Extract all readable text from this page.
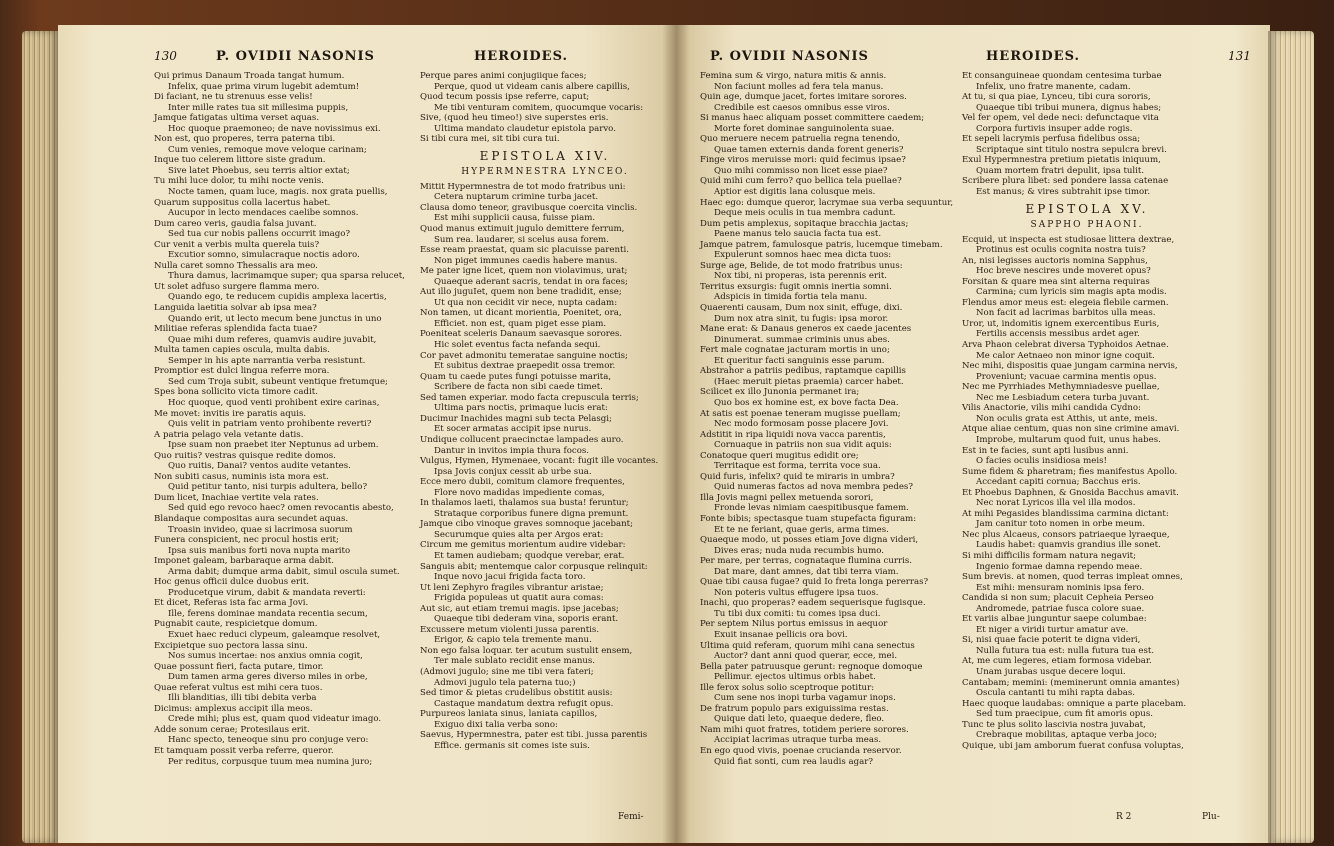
130	P. OVIDII NASONIS	HEROIDES.
Qui primus Danaum Troada tangat humum.
Infelix, quae prima virum lugebit ademtum!
Di faciant, ne tu strenuus esse velis!
Inter mille rates tua sit millesima puppis,
Jamque fatigatas ultima verset aquas.
Hoc quoque praemoneo; de nave novissimus exi.
Non est, quo properes, terra paterna tibi.
Cum venies, remoque move veloque carinam;
Inque tuo celerem littore siste gradum.
Sive latet Phoebus, seu terris altior extat;
Tu mihi luce dolor, tu mihi nocte venis.
Nocte tamen, quam luce, magis. nox grata puellis,
Quarum suppositus colla lacertus habet.
Aucupor in lecto mendaces caelibe somnos.
Dum careo veris, gaudia falsa juvant.
Sed tua cur nobis pallens occurrit imago?
Cur venit a verbis multa querela tuis?
Excutior somno, simulacraque noctis adoro.
Nulla caret somno Thessalis ara meo.
Thura damus, lacrimamque super; qua sparsa relucet,
Ut solet adfuso surgere flamma mero.
Quando ego, te reducem cupidis amplexa lacertis,
Languida laetitia solvar ab ipsa mea?
Quando erit, ut lecto mecum bene junctus in uno
Militiae referas splendida facta tuae?
Quae mihi dum referes, quamvis audire juvabit,
Multa tamen capies oscula, multa dabis.
Semper in his apte narrantia verba resistunt.
Promptior est dulci lingua referre mora.
Sed cum Troja subit, subeunt ventique fretumque;
Spes bona sollicito victa timore cadit.
Hoc quoque, quod venti prohibent exire carinas,
Me movet: invitis ire paratis aquis.
Quis velit in patriam vento prohibente reverti?
A patria pelago vela vetante datis.
Ipse suam non praebet iter Neptunus ad urbem.
Quo ruitis? vestras quisque redite domos.
Quo ruitis, Danai? ventos audite vetantes.
Non subiti casus, numinis ista mora est.
Quid petitur tanto, nisi turpis adultera, bello?
Dum licet, Inachiae vertite vela rates.
Sed quid ego revoco haec? omen revocantis abesto,
Blandaque compositas aura secundet aquas.
Troasin invideo, quae si lacrimosa suorum
Funera conspicient, nec procul hostis erit;
Ipsa suis manibus forti nova nupta marito
Imponet galeam, barbaraque arma dabit.
Arma dabit; dumque arma dabit, simul oscula sumet.
Hoc genus officii dulce duobus erit.
Producetque virum, dabit & mandata reverti:
Et dicet, Referas ista fac arma Jovi.
Ille, ferens dominae mandata recentia secum,
Pugnabit caute, respicietque domum.
Exuet haec reduci clypeum, galeamque resolvet,
Excipietque suo pectora lassa sinu.
Nos sumus incertae: nos anxius omnia cogit,
Quae possunt fieri, facta putare, timor.
Dum tamen arma geres diverso miles in orbe,
Quae referat vultus est mihi cera tuos.
Illi blanditias, illi tibi debita verba
Dicimus: amplexus accipit illa meos.
Crede mihi; plus est, quam quod videatur imago.
Adde sonum cerae; Protesilaus erit.
Hanc specto, teneoque sinu pro conjuge vero:
Et tamquam possit verba referre, queror.
Per reditus, corpusque tuum mea numina juro;
Perque pares animi conjugiique faces;
Perque, quod ut videam canis albere capillis,
Quod tecum possis ipse referre, caput;
Me tibi venturam comitem, quocumque vocaris:
Sive, (quod heu timeo!) sive superstes eris.
Ultima mandato claudetur epistola parvo.
Si tibi cura mei, sit tibi cura tui.
EPISTOLA XIV.
HYPERMNESTRA LYNCEO.
Mittit Hypermnestra de tot modo fratribus uni:
Cetera nuptarum crimine turba jacet.
Clausa domo teneor, gravibusque coercita vinclis.
Est mihi supplicii causa, fuisse piam.
Quod manus extimuit jugulo demittere ferrum,
Sum rea. laudarer, si scelus ausa forem.
Esse ream praestat, quam sic placuisse parenti.
Non piget immunes caedis habere manus.
Me pater igne licet, quem non violavimus, urat;
Quaeque aderant sacris, tendat in ora faces;
Aut illo juguIet, quem non bene tradidit, ense;
Ut qua non cecidit vir nece, nupta cadam:
Non tamen, ut dicant morientia, Poenitet, ora,
Efficiet. non est, quam piget esse piam.
Poeniteat sceleris Danaum saevasque sorores.
Hic solet eventus facta nefanda sequi.
Cor pavet admonitu temeratae sanguine noctis;
Et subitus dextrae praepedit ossa tremor.
Quam tu caede putes fungi potuisse marita,
Scribere de facta non sibi caede timet.
Sed tamen experiar. modo facta crepuscula terris;
Ultima pars noctis, primaque lucis erat:
Ducimur Inachides magni sub tecta Pelasgi;
Et socer armatas accipit ipse nurus.
Undique collucent praecinctae lampades auro.
Dantur in invitos impia thura focos.
Vulgus, Hymen, Hymenaee, vocant: fugit ille vocantes.
Ipsa Jovis conjux cessit ab urbe sua.
Ecce mero dubii, comitum clamore frequentes,
Flore novo madidas impediente comas,
In thalamos laeti, thalamos sua busta! feruntur;
Strataque corporibus funere digna premunt.
Jamque cibo vinoque graves somnoque jacebant;
Securumque quies alta per Argos erat:
Circum me gemitus morientum audire videbar:
Et tamen audiebam; quodque verebar, erat.
Sanguis abit; mentemque calor corpusque relinquit:
Inque novo jacui frigida facta toro.
Ut leni Zephyro fragiles vibrantur aristae;
Frigida populeas ut quatit aura comas:
Aut sic, aut etiam tremui magis. ipse jacebas;
Quaeque tibi dederam vina, soporis erant.
Excussere metum violenti jussa parentis.
Erigor, & capio tela tremente manu.
Non ego falsa loquar. ter acutum sustulit ensem,
Ter male sublato recidit ense manus.
(Admovi jugulo; sine me tibi vera fateri;
Admovi jugulo tela paterna tuo;)
Sed timor & pietas crudelibus obstitit ausis:
Castaque mandatum dextra refugit opus.
Purpureos laniata sinus, laniata capillos,
Exiguo dixi talia verba sono:
Saevus, Hypermnestra, pater est tibi. jussa parentis
Effice. germanis sit comes iste suis.
Femi-
P. OVIDII NASONIS	HEROIDES.	131
Femina sum & virgo, natura mitis & annis.
Non faciunt molles ad fera tela manus.
Quin age, dumque jacet, fortes imitare sorores.
Credibile est caesos omnibus esse viros.
Si manus haec aliquam posset committere caedem;
Morte foret dominae sanguinolenta suae.
Quo meruere necem patruelia regna tenendo,
Quae tamen externis danda forent generis?
Finge viros meruisse mori: quid fecimus ipsae?
Quo mihi commisso non licet esse piae?
Quid mihi cum ferro? quo bellica tela puellae?
Aptior est digitis lana colusque meis.
Haec ego: dumque queror, lacrymae sua verba sequuntur,
Deque meis oculis in tua membra cadunt.
Dum petis amplexus, sopitaque bracchia jactas;
Paene manus telo saucia facta tua est.
Jamque patrem, famulosque patris, lucemque timebam.
Expulerunt somnos haec mea dicta tuos:
Surge age, Belide, de tot modo fratribus unus:
Nox tibi, ni properas, ista perennis erit.
Territus exsurgis: fugit omnis inertia somni.
Adspicis in timida fortia tela manu.
Quaerenti causam, Dum nox sinit, effuge, dixi.
Dum nox atra sinit, tu fugis: ipsa moror.
Mane erat: & Danaus generos ex caede jacentes
Dinumerat. summae criminis unus abes.
Fert male cognatae jacturam mortis in uno;
Et queritur facti sanguinis esse parum.
Abstrahor a patriis pedibus, raptamque capillis
(Haec meruit pietas praemia) carcer habet.
Scilicet ex illo Junonia permanet ira;
Quo bos ex homine est, ex bove facta Dea.
At satis est poenae teneram mugisse puellam;
Nec modo formosam posse placere Jovi.
Adstitit in ripa liquidi nova vacca parentis,
Cornuaque in patriis non sua vidit aquis:
Conatoque queri mugitus edidit ore;
Territaque est forma, territa voce sua.
Quid furis, infelix? quid te miraris in umbra?
Quid numeras factos ad nova membra pedes?
Illa Jovis magni pellex metuenda sorori,
Fronde levas nimiam caespitibusque famem.
Fonte bibis; spectasque tuam stupefacta figuram:
Et te ne feriant, quae geris, arma times.
Quaeque modo, ut posses etiam Jove digna videri,
Dives eras; nuda nuda recumbis humo.
Per mare, per terras, cognataque flumina curris.
Dat mare, dant amnes, dat tibi terra viam.
Quae tibi causa fugae? quid Io freta longa pererras?
Non poteris vultus effugere ipsa tuos.
Inachi, quo properas? eadem sequerisque fugisque.
Tu tibi dux comiti: tu comes ipsa duci.
Per septem Nilus portus emissus in aequor
Exuit insanae pellicis ora bovi.
Ultima quid referam, quorum mihi cana senectus
Auctor? dant anni quod querar, ecce, mei.
Bella pater patruusque gerunt: regnoque domoque
Pellimur. ejectos ultimus orbis habet.
Ille ferox solus solio sceptroque potitur:
Cum sene nos inopi turba vagamur inops.
De fratrum populo pars exiguissima restas.
Quique dati leto, quaeque dedere, fleo.
Nam mihi quot fratres, totidem periere sorores.
Accipiat lacrimas utraque turba meas.
En ego quod vivis, poenae crucianda reservor.
Quid fiat sonti, cum rea laudis agar?
Et consanguineae quondam centesima turbae
Infelix, uno fratre manente, cadam.
At tu, si qua piae, Lynceu, tibi cura sororis,
Quaeque tibi tribui munera, dignus habes;
Vel fer opem, vel dede neci: defunctaque vita
Corpora furtivis insuper adde rogis.
Et sepeli lacrymis perfusa fidelibus ossa;
Scriptaque sint titulo nostra sepulcra brevi.
Exul Hypermnestra pretium pietatis iniquum,
Quam mortem fratri depulit, ipsa tulit.
Scribere plura libet: sed pondere lassa catenae
Est manus; & vires subtrahit ipse timor.
EPISTOLA XV.
SAPPHO PHAONI.
Ecquid, ut inspecta est studiosae littera dextrae,
Protinus est oculis cognita nostra tuis?
An, nisi legisses auctoris nomina Sapphus,
Hoc breve nescires unde moveret opus?
Forsitan & quare mea sint alterna requiras
Carmina; cum lyricis sim magis apta modis.
Flendus amor meus est: elegeia flebile carmen.
Non facit ad lacrimas barbitos ulla meas.
Uror, ut, indomitis ignem exercentibus Euris,
Fertilis accensis messibus ardet ager.
Arva Phaon celebrat diversa Typhoidos Aetnae.
Me calor Aetnaeo non minor igne coquit.
Nec mihi, dispositis quae jungam carmina nervis,
Proveniunt; vacuae carmina mentis opus.
Nec me Pyrrhiades Methymniadesve puellae,
Nec me Lesbiadum cetera turba juvant.
Vilis Anactorie, vilis mihi candida Cydno:
Non oculis grata est Atthis, ut ante, meis.
Atque aliae centum, quas non sine crimine amavi.
Improbe, multarum quod fuit, unus habes.
Est in te facies, sunt apti lusibus anni.
O facies oculis insidiosa meis!
Sume fidem & pharetram; fies manifestus Apollo.
Accedant capiti cornua; Bacchus eris.
Et Phoebus Daphnen, & Gnosida Bacchus amavit.
Nec norat Lyricos illa vel illa modos.
At mihi Pegasides blandissima carmina dictant:
Jam canitur toto nomen in orbe meum.
Nec plus Alcaeus, consors patriaeque lyraeque,
Laudis habet: quamvis grandius ille sonet.
Si mihi difficilis formam natura negavit;
Ingenio formae damna rependo meae.
Sum brevis. at nomen, quod terras impleat omnes,
Est mihi: mensuram nominis ipsa fero.
Candida si non sum; placuit Cepheia Perseo
Andromede, patriae fusca colore suae.
Et variis albae junguntur saepe columbae:
Et niger a viridi turtur amatur ave.
Si, nisi quae facie poterit te digna videri,
Nulla futura tua est: nulla futura tua est.
At, me cum legeres, etiam formosa videbar.
Unam jurabas usque decere loqui.
Cantabam; memini: (meminerunt omnia amantes)
Oscula cantanti tu mihi rapta dabas.
Haec quoque laudabas: omnique a parte placebam.
Sed tum praecipue, cum fit amoris opus.
Tunc te plus solito lascivia nostra juvabat,
Crebraque mobilitas, aptaque verba joco;
Quique, ubi jam amborum fuerat confusa voluptas,
R 2	Plu-
